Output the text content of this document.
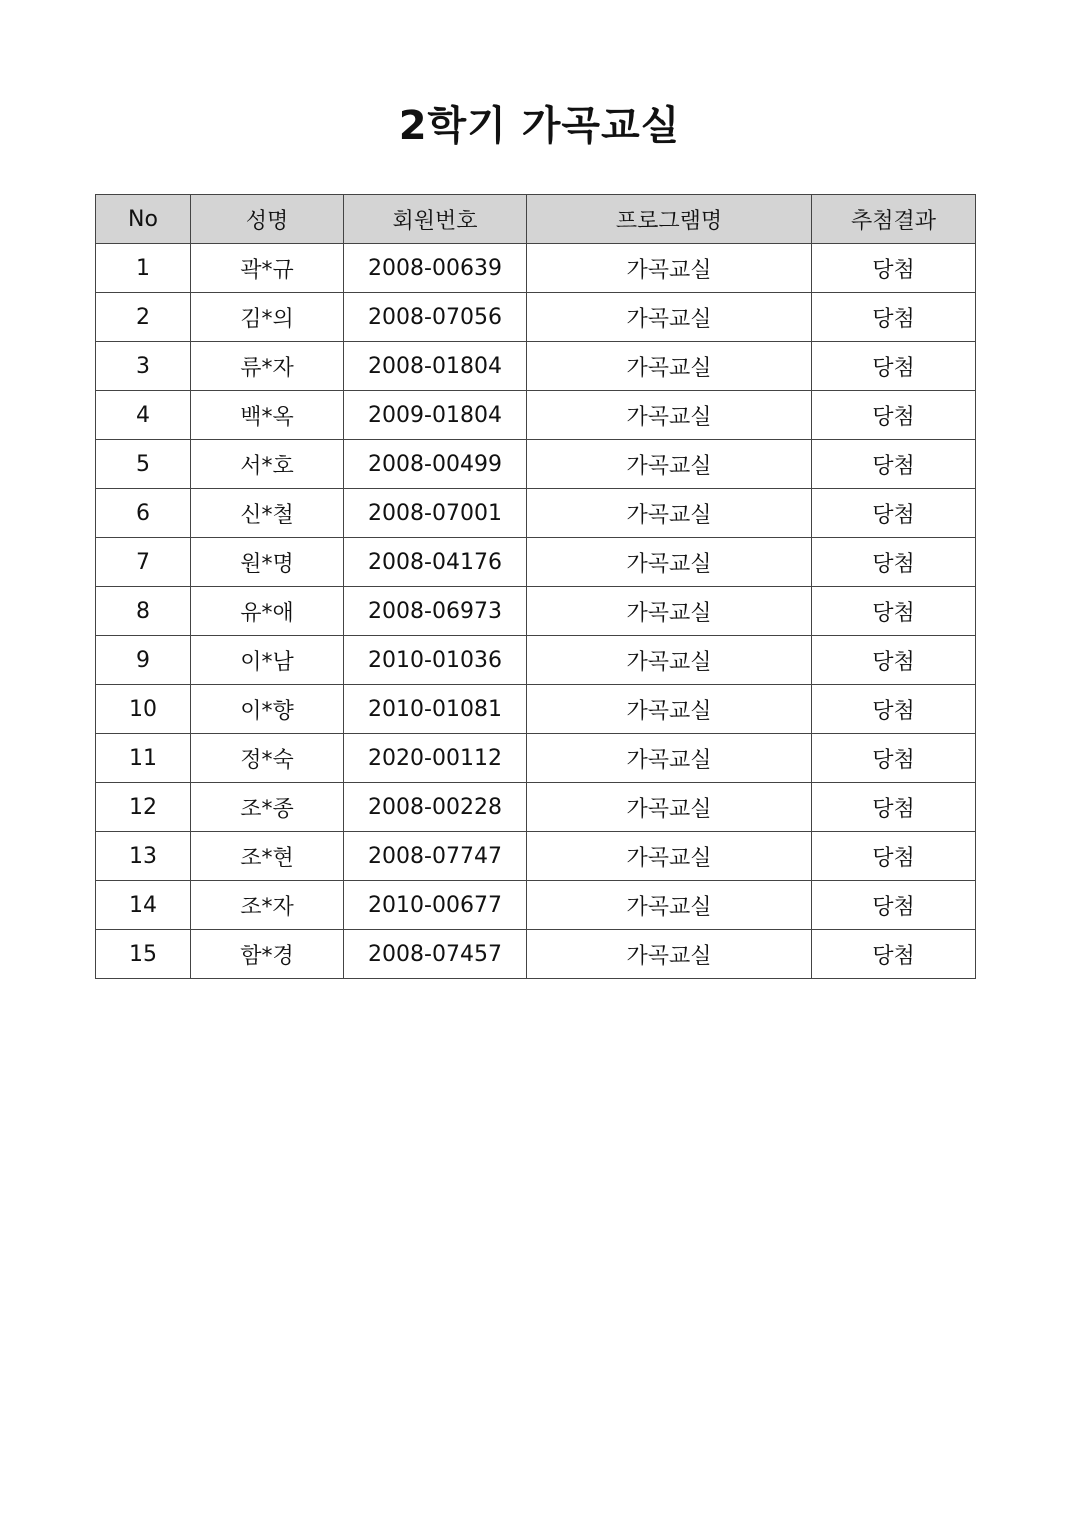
2학기 가곡교실
No	성명	회원번호	프로그램명	추첨결과
1	곽*규	2008-00639	가곡교실	당첨
2	김*의	2008-07056	가곡교실	당첨
3	류*자	2008-01804	가곡교실	당첨
4	백*옥	2009-01804	가곡교실	당첨
5	서*호	2008-00499	가곡교실	당첨
6	신*철	2008-07001	가곡교실	당첨
7	원*명	2008-04176	가곡교실	당첨
8	유*애	2008-06973	가곡교실	당첨
9	이*남	2010-01036	가곡교실	당첨
10	이*향	2010-01081	가곡교실	당첨
11	정*숙	2020-00112	가곡교실	당첨
12	조*종	2008-00228	가곡교실	당첨
13	조*현	2008-07747	가곡교실	당첨
14	조*자	2010-00677	가곡교실	당첨
15	함*경	2008-07457	가곡교실	당첨
